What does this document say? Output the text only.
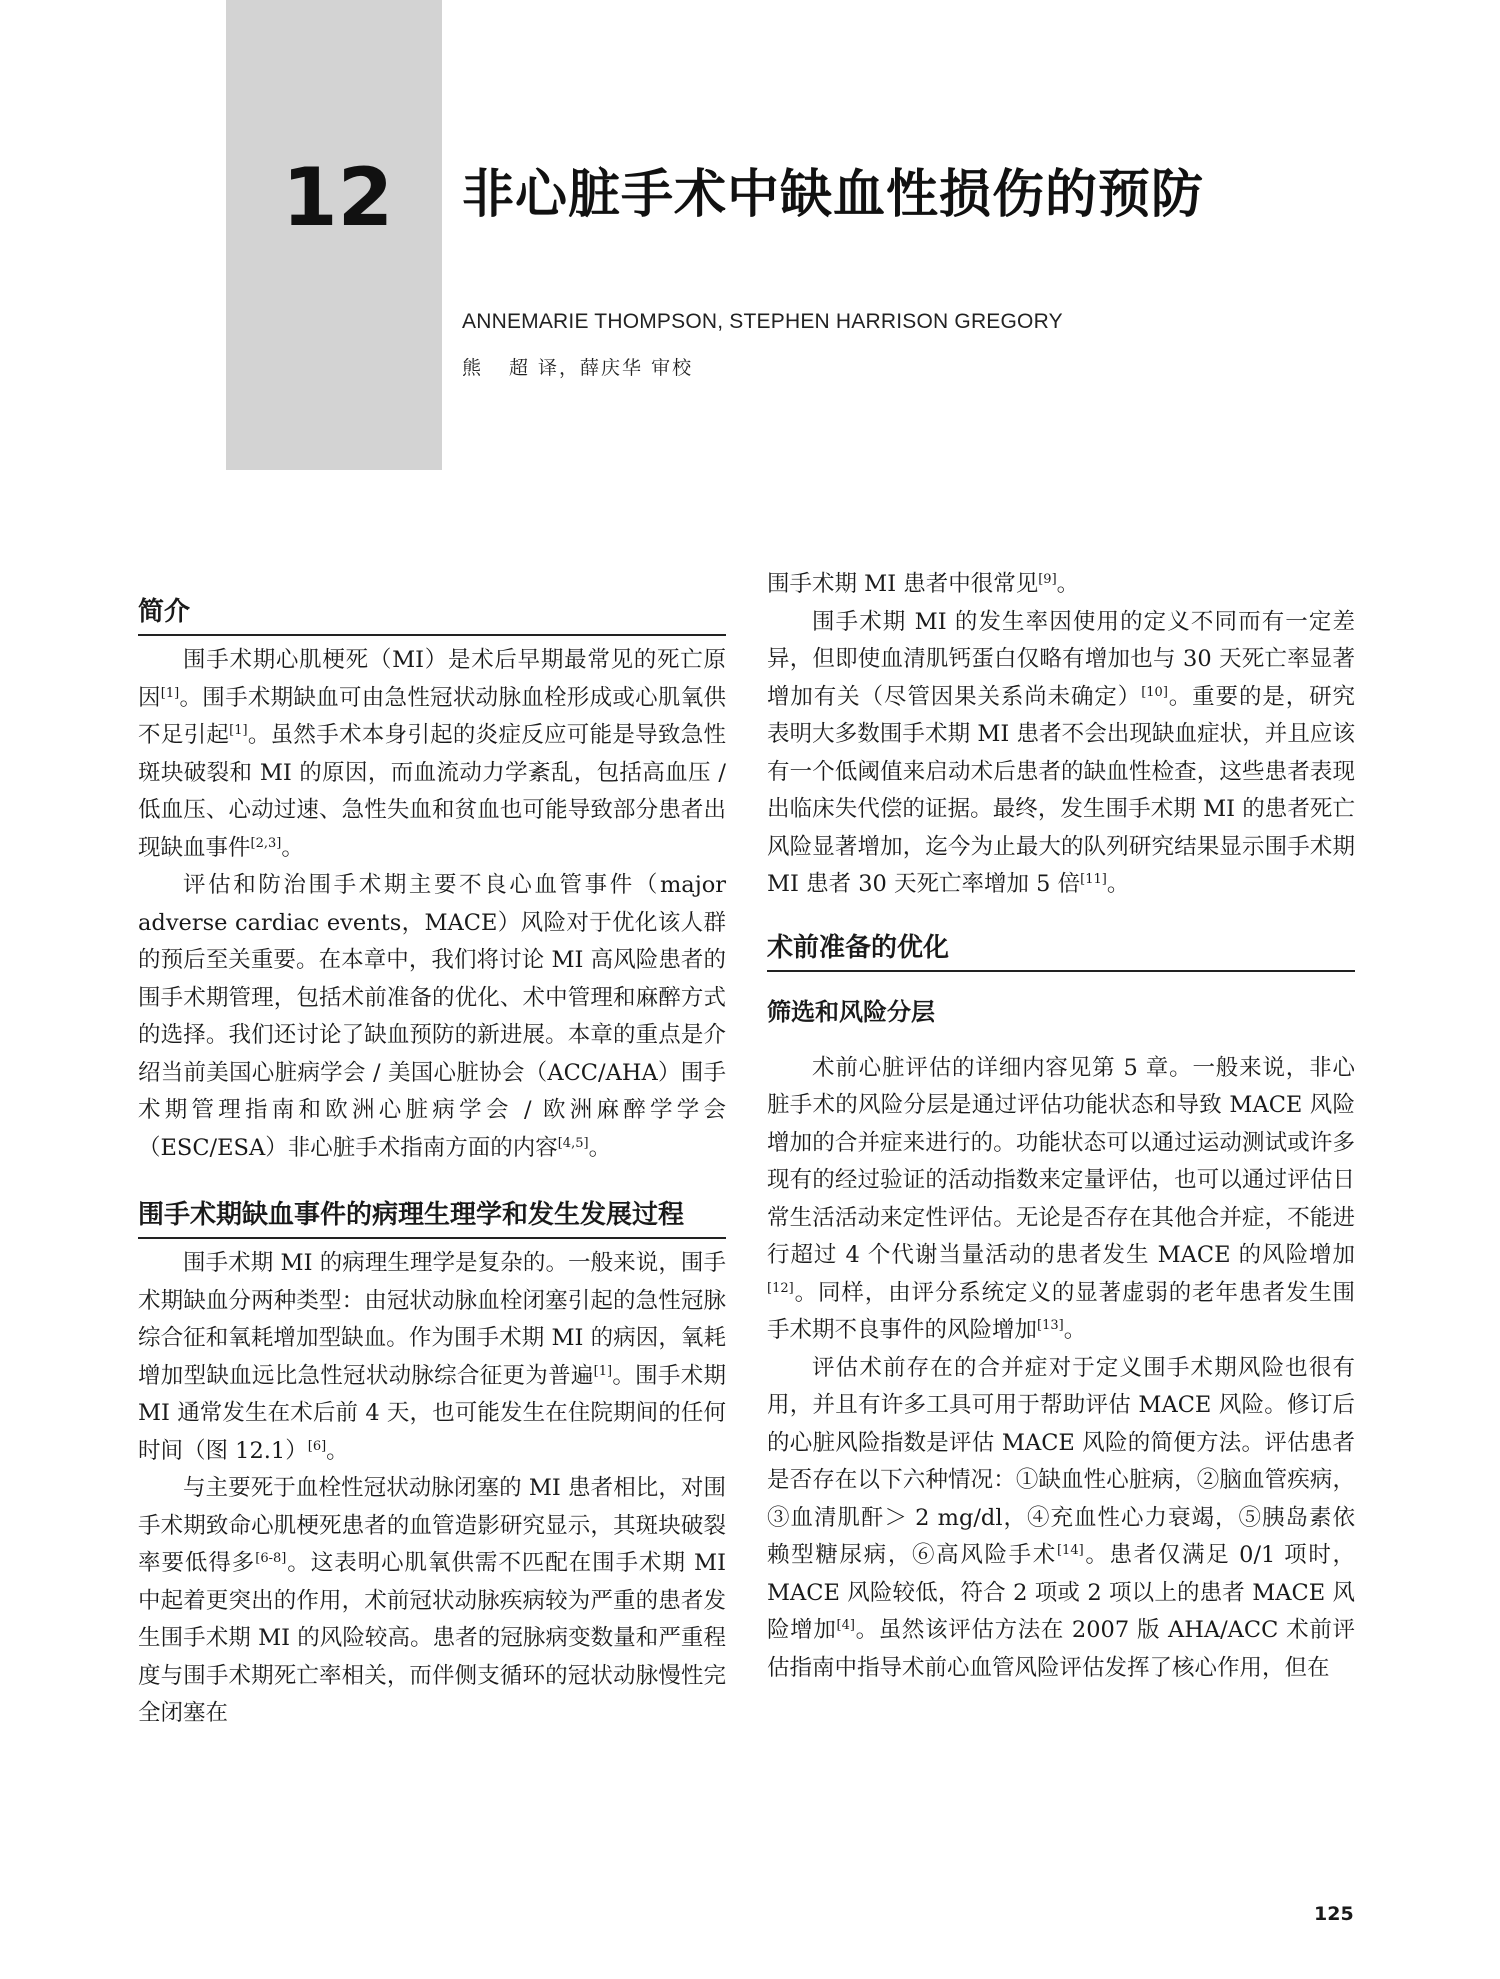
12 非心脏手术中缺血性损伤的预防
ANNEMARIE THOMPSON, STEPHEN HARRISON GREGORY
熊 超 译，薛庆华 审校
简介

围手术期心肌梗死（MI）是术后早期最常见的死亡原因[1]。围手术期缺血可由急性冠状动脉血栓形成或心肌氧供不足引起[1]。虽然手术本身引起的炎症反应可能是导致急性斑块破裂和 MI 的原因，而血流动力学紊乱，包括高血压 / 低血压、心动过速、急性失血和贫血也可能导致部分患者出现缺血事件[2,3]。

评估和防治围手术期主要不良心血管事件（major adverse cardiac events，MACE）风险对于优化该人群的预后至关重要。在本章中，我们将讨论 MI 高风险患者的围手术期管理，包括术前准备的优化、术中管理和麻醉方式的选择。我们还讨论了缺血预防的新进展。本章的重点是介绍当前美国心脏病学会 / 美国心脏协会（ACC/AHA）围手术期管理指南和欧洲心脏病学会 / 欧洲麻醉学学会（ESC/ESA）非心脏手术指南方面的内容[4,5]。

围手术期缺血事件的病理生理学和发生发展过程

围手术期 MI 的病理生理学是复杂的。一般来说，围手术期缺血分两种类型：由冠状动脉血栓闭塞引起的急性冠脉综合征和氧耗增加型缺血。作为围手术期 MI 的病因，氧耗增加型缺血远比急性冠状动脉综合征更为普遍[1]。围手术期 MI 通常发生在术后前 4 天，也可能发生在住院期间的任何时间（图 12.1）[6]。

与主要死于血栓性冠状动脉闭塞的 MI 患者相比，对围手术期致命心肌梗死患者的血管造影研究显示，其斑块破裂率要低得多[6-8]。这表明心肌氧供需不匹配在围手术期 MI 中起着更突出的作用，术前冠状动脉疾病较为严重的患者发生围手术期 MI 的风险较高。患者的冠脉病变数量和严重程度与围手术期死亡率相关，而伴侧支循环的冠状动脉慢性完全闭塞在

围手术期 MI 患者中很常见[9]。

围手术期 MI 的发生率因使用的定义不同而有一定差异，但即使血清肌钙蛋白仅略有增加也与 30 天死亡率显著增加有关（尽管因果关系尚未确定）[10]。重要的是，研究表明大多数围手术期 MI 患者不会出现缺血症状，并且应该有一个低阈值来启动术后患者的缺血性检查，这些患者表现出临床失代偿的证据。最终，发生围手术期 MI 的患者死亡风险显著增加，迄今为止最大的队列研究结果显示围手术期 MI 患者 30 天死亡率增加 5 倍[11]。

术前准备的优化
筛选和风险分层

术前心脏评估的详细内容见第 5 章。一般来说，非心脏手术的风险分层是通过评估功能状态和导致 MACE 风险增加的合并症来进行的。功能状态可以通过运动测试或许多现有的经过验证的活动指数来定量评估，也可以通过评估日常生活活动来定性评估。无论是否存在其他合并症，不能进行超过 4 个代谢当量活动的患者发生 MACE 的风险增加[12]。同样，由评分系统定义的显著虚弱的老年患者发生围手术期不良事件的风险增加[13]。

评估术前存在的合并症对于定义围手术期风险也很有用，并且有许多工具可用于帮助评估 MACE 风险。修订后的心脏风险指数是评估 MACE 风险的简便方法。评估患者是否存在以下六种情况：①缺血性心脏病，②脑血管疾病，③血清肌酐＞ 2 mg/dl，④充血性心力衰竭，⑤胰岛素依赖型糖尿病，⑥高风险手术[14]。患者仅满足 0/1 项时，MACE 风险较低，符合 2 项或 2 项以上的患者 MACE 风险增加[4]。虽然该评估方法在 2007 版 AHA/ACC 术前评估指南中指导术前心血管风险评估发挥了核心作用，但在

125
